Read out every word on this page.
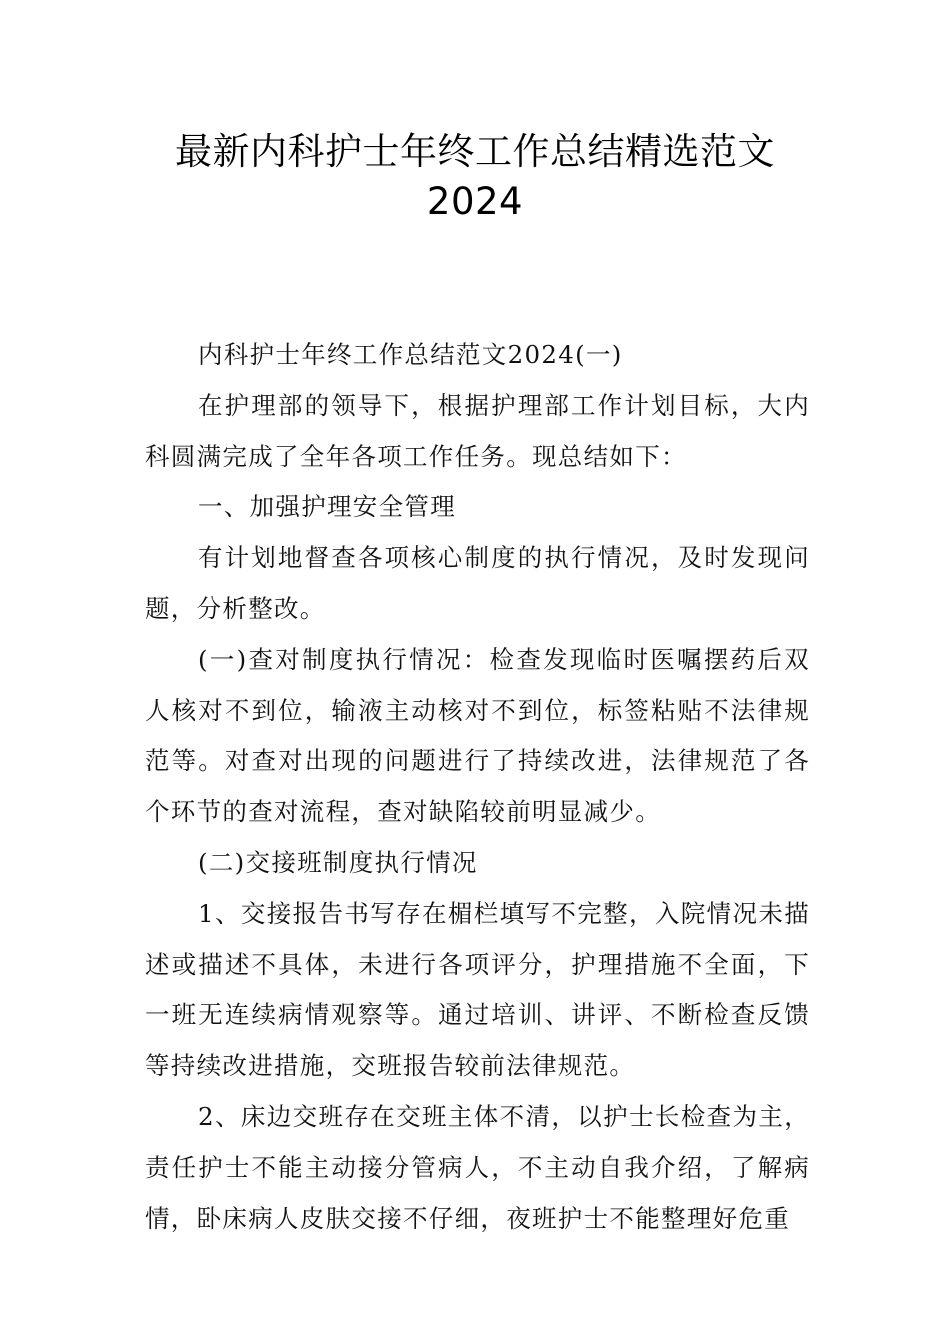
最新内科护士年终工作总结精选范文
2024

内科护士年终工作总结范文2024(一)

在护理部的领导下，根据护理部工作计划目标，大内科圆满完成了全年各项工作任务。现总结如下：

一、加强护理安全管理

有计划地督查各项核心制度的执行情况，及时发现问题，分析整改。

(一)查对制度执行情况：检查发现临时医嘱摆药后双人核对不到位，输液主动核对不到位，标签粘贴不法律规范等。对查对出现的问题进行了持续改进，法律规范了各个环节的查对流程，查对缺陷较前明显减少。

(二)交接班制度执行情况

1、交接报告书写存在楣栏填写不完整，入院情况未描述或描述不具体，未进行各项评分，护理措施不全面，下一班无连续病情观察等。通过培训、讲评、不断检查反馈等持续改进措施，交班报告较前法律规范。

2、床边交班存在交班主体不清，以护士长检查为主，责任护士不能主动接分管病人，不主动自我介绍，了解病情，卧床病人皮肤交接不仔细，夜班护士不能整理好危重
